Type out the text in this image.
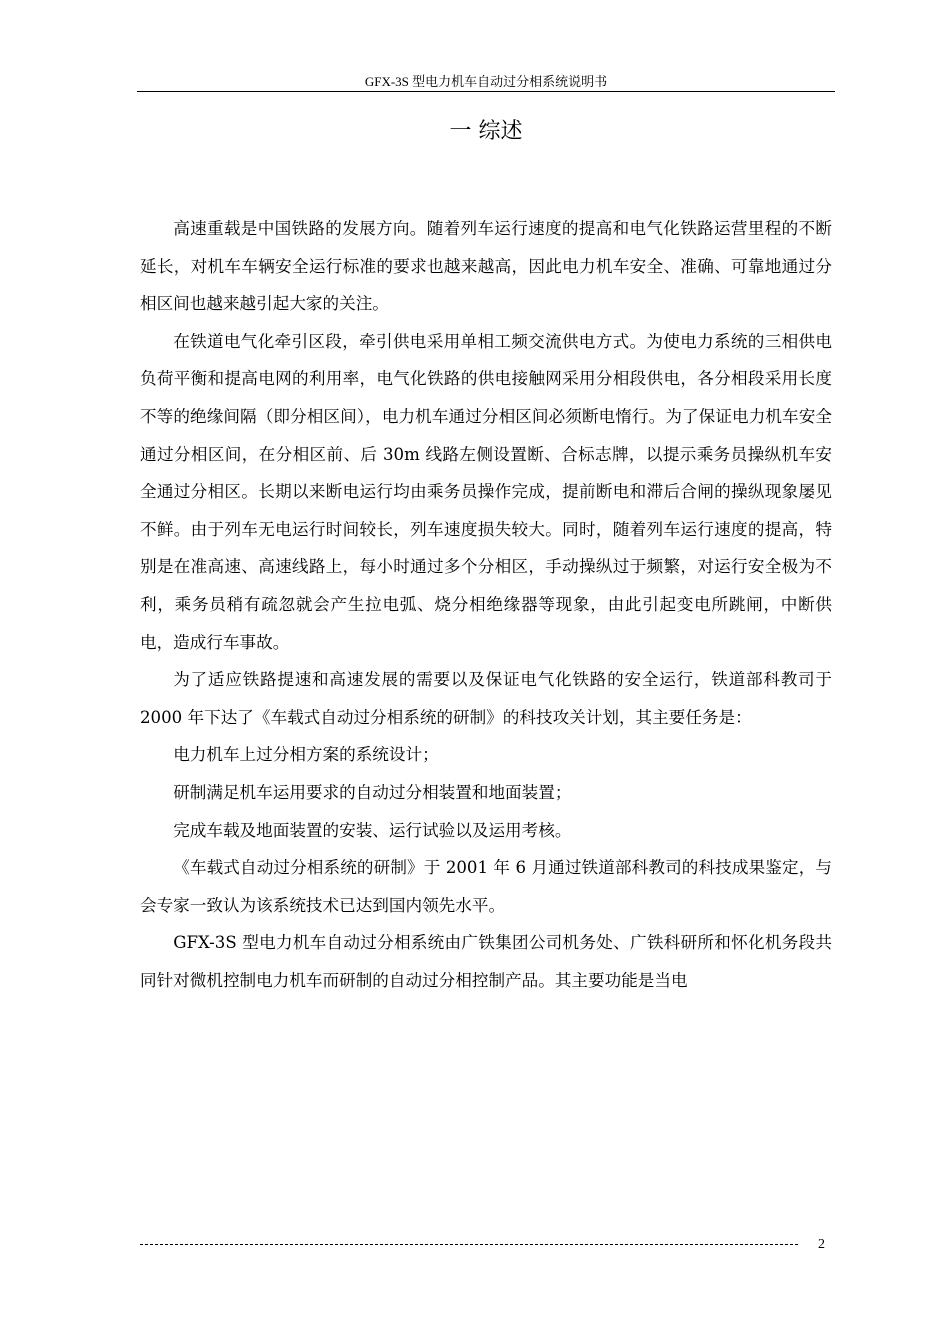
GFX-3S 型电力机车自动过分相系统说明书
一 综述

高速重载是中国铁路的发展方向。随着列车运行速度的提高和电气化铁路运营里程的不断延长，对机车车辆安全运行标准的要求也越来越高，因此电力机车安全、准确、可靠地通过分相区间也越来越引起大家的关注。

在铁道电气化牵引区段，牵引供电采用单相工频交流供电方式。为使电力系统的三相供电负荷平衡和提高电网的利用率，电气化铁路的供电接触网采用分相段供电，各分相段采用长度不等的绝缘间隔（即分相区间），电力机车通过分相区间必须断电惰行。为了保证电力机车安全通过分相区间，在分相区前、后 30m 线路左侧设置断、合标志牌，以提示乘务员操纵机车安全通过分相区。长期以来断电运行均由乘务员操作完成，提前断电和滞后合闸的操纵现象屡见不鲜。由于列车无电运行时间较长，列车速度损失较大。同时，随着列车运行速度的提高，特别是在准高速、高速线路上，每小时通过多个分相区，手动操纵过于频繁，对运行安全极为不利，乘务员稍有疏忽就会产生拉电弧、烧分相绝缘器等现象，由此引起变电所跳闸，中断供电，造成行车事故。

为了适应铁路提速和高速发展的需要以及保证电气化铁路的安全运行，铁道部科教司于 2000 年下达了《车载式自动过分相系统的研制》的科技攻关计划，其主要任务是：

电力机车上过分相方案的系统设计；

研制满足机车运用要求的自动过分相装置和地面装置；

完成车载及地面装置的安装、运行试验以及运用考核。

《车载式自动过分相系统的研制》于 2001 年 6 月通过铁道部科教司的科技成果鉴定，与会专家一致认为该系统技术已达到国内领先水平。

GFX-3S 型电力机车自动过分相系统由广铁集团公司机务处、广铁科研所和怀化机务段共同针对微机控制电力机车而研制的自动过分相控制产品。其主要功能是当电

2
